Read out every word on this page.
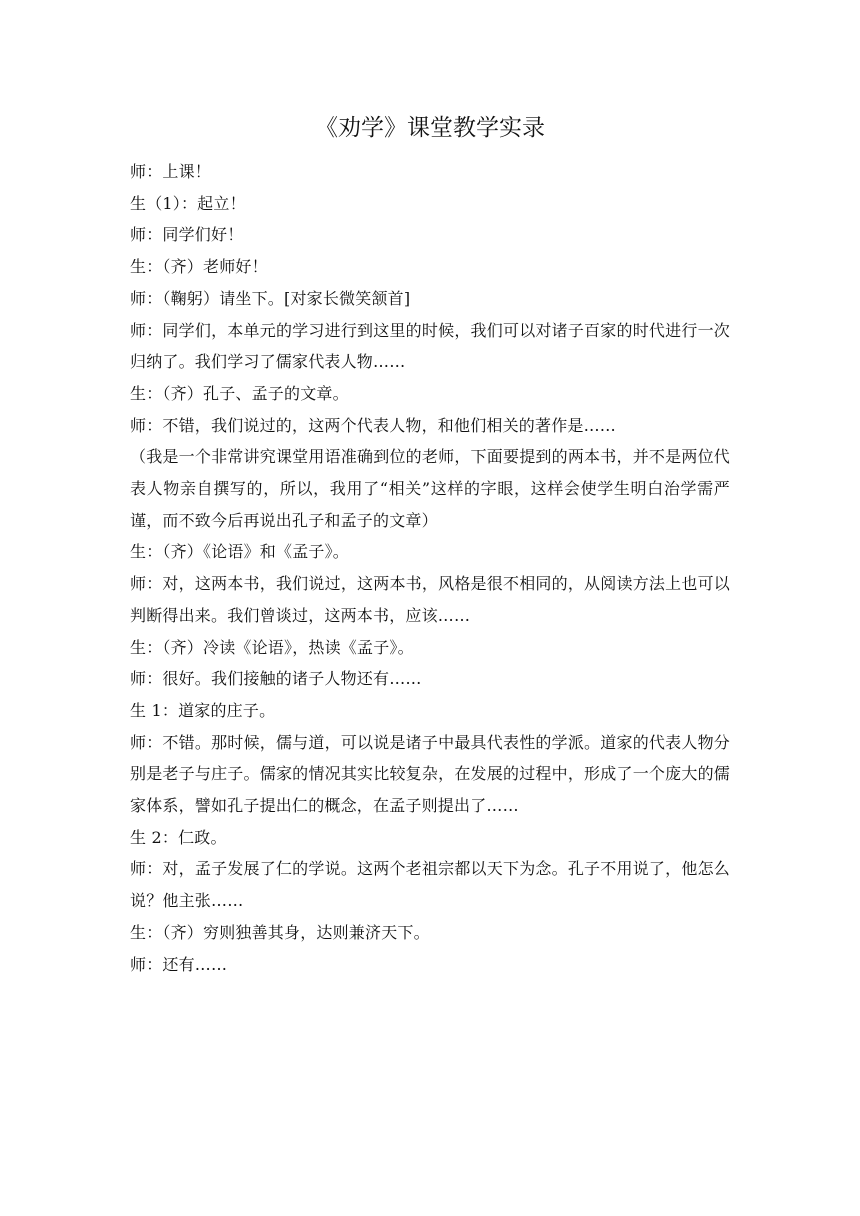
《劝学》课堂教学实录

师：上课！

生（1）：起立！

师：同学们好！

生：（齐）老师好！

师：（鞠躬）请坐下。[对家长微笑颔首]

师：同学们，本单元的学习进行到这里的时候，我们可以对诸子百家的时代进行一次归纳了。我们学习了儒家代表人物……

生：（齐）孔子、孟子的文章。

师：不错，我们说过的，这两个代表人物，和他们相关的著作是……

（我是一个非常讲究课堂用语准确到位的老师，下面要提到的两本书，并不是两位代表人物亲自撰写的，所以，我用了“相关”这样的字眼，这样会使学生明白治学需严谨，而不致今后再说出孔子和孟子的文章）

生：（齐）《论语》和《孟子》。

师：对，这两本书，我们说过，这两本书，风格是很不相同的，从阅读方法上也可以判断得出来。我们曾谈过，这两本书，应该……

生：（齐）冷读《论语》，热读《孟子》。

师：很好。我们接触的诸子人物还有……

生 1：道家的庄子。

师：不错。那时候，儒与道，可以说是诸子中最具代表性的学派。道家的代表人物分别是老子与庄子。儒家的情况其实比较复杂，在发展的过程中，形成了一个庞大的儒家体系，譬如孔子提出仁的概念，在孟子则提出了……

生 2：仁政。

师：对，孟子发展了仁的学说。这两个老祖宗都以天下为念。孔子不用说了，他怎么说？他主张……

生：（齐）穷则独善其身，达则兼济天下。

师：还有……
